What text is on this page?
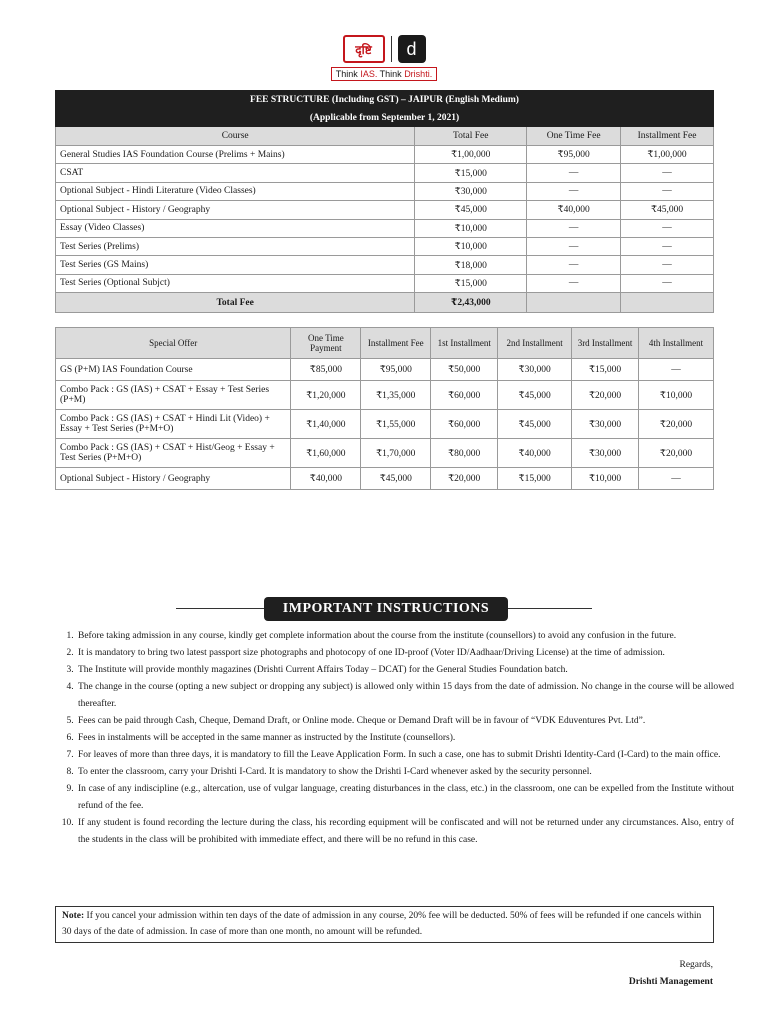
दृष्टि	d
Think IAS. Think Drishti.
FEE STRUCTURE (Including GST) – JAIPUR (English Medium)			
(Applicable from September 1, 2021)			
Course	Total Fee	One Time Fee	Installment Fee
General Studies IAS Foundation Course (Prelims + Mains)	₹1,00,000	₹95,000	₹1,00,000
CSAT	₹15,000	—	—
Optional Subject - Hindi Literature (Video Classes)	₹30,000	—	—
Optional Subject - History / Geography	₹45,000	₹40,000	₹45,000
Essay (Video Classes)	₹10,000	—	—
Test Series (Prelims)	₹10,000	—	—
Test Series (GS Mains)	₹18,000	—	—
Test Series (Optional Subjct)	₹15,000	—	—
Total Fee	₹2,43,000		
Special Offer	One Time Payment	Installment Fee	1st Installment	2nd Installment	3rd Installment	4th Installment
GS (P+M) IAS Foundation Course	₹85,000	₹95,000	₹50,000	₹30,000	₹15,000	—
Combo Pack : GS (IAS) + CSAT + Essay + Test Series (P+M)	₹1,20,000	₹1,35,000	₹60,000	₹45,000	₹20,000	₹10,000
Combo Pack : GS (IAS) + CSAT + Hindi Lit (Video) + Essay + Test Series (P+M+O)	₹1,40,000	₹1,55,000	₹60,000	₹45,000	₹30,000	₹20,000
Combo Pack : GS (IAS) + CSAT + Hist/Geog + Essay + Test Series (P+M+O)	₹1,60,000	₹1,70,000	₹80,000	₹40,000	₹30,000	₹20,000
Optional Subject - History / Geography	₹40,000	₹45,000	₹20,000	₹15,000	₹10,000	—
IMPORTANT INSTRUCTIONS
1. Before taking admission in any course, kindly get complete information about the course from the institute (counsellors) to avoid any confusion in the future.
2. It is mandatory to bring two latest passport size photographs and photocopy of one ID-proof (Voter ID/Aadhaar/Driving License) at the time of admission.
3. The Institute will provide monthly magazines (Drishti Current Affairs Today – DCAT) for the General Studies Foundation batch.
4. The change in the course (opting a new subject or dropping any subject) is allowed only within 15 days from the date of admission. No change in the course will be allowed thereafter.
5. Fees can be paid through Cash, Cheque, Demand Draft, or Online mode. Cheque or Demand Draft will be in favour of “VDK Eduventures Pvt. Ltd”.
6. Fees in instalments will be accepted in the same manner as instructed by the Institute (counsellors).
7. For leaves of more than three days, it is mandatory to fill the Leave Application Form. In such a case, one has to submit Drishti Identity-Card (I-Card) to the main office.
8. To enter the classroom, carry your Drishti I-Card. It is mandatory to show the Drishti I-Card whenever asked by the security personnel.
9. In case of any indiscipline (e.g., altercation, use of vulgar language, creating disturbances in the class, etc.) in the classroom, one can be expelled from the Institute without refund of the fee.
10. If any student is found recording the lecture during the class, his recording equipment will be confiscated and will not be returned under any circumstances. Also, entry of the students in the class will be prohibited with immediate effect, and there will be no refund in this case.
Note: If you cancel your admission within ten days of the date of admission in any course, 20% fee will be deducted. 50% of fees will be refunded if one cancels within 30 days of the date of admission. In case of more than one month, no amount will be refunded.
Regards,
Drishti Management
